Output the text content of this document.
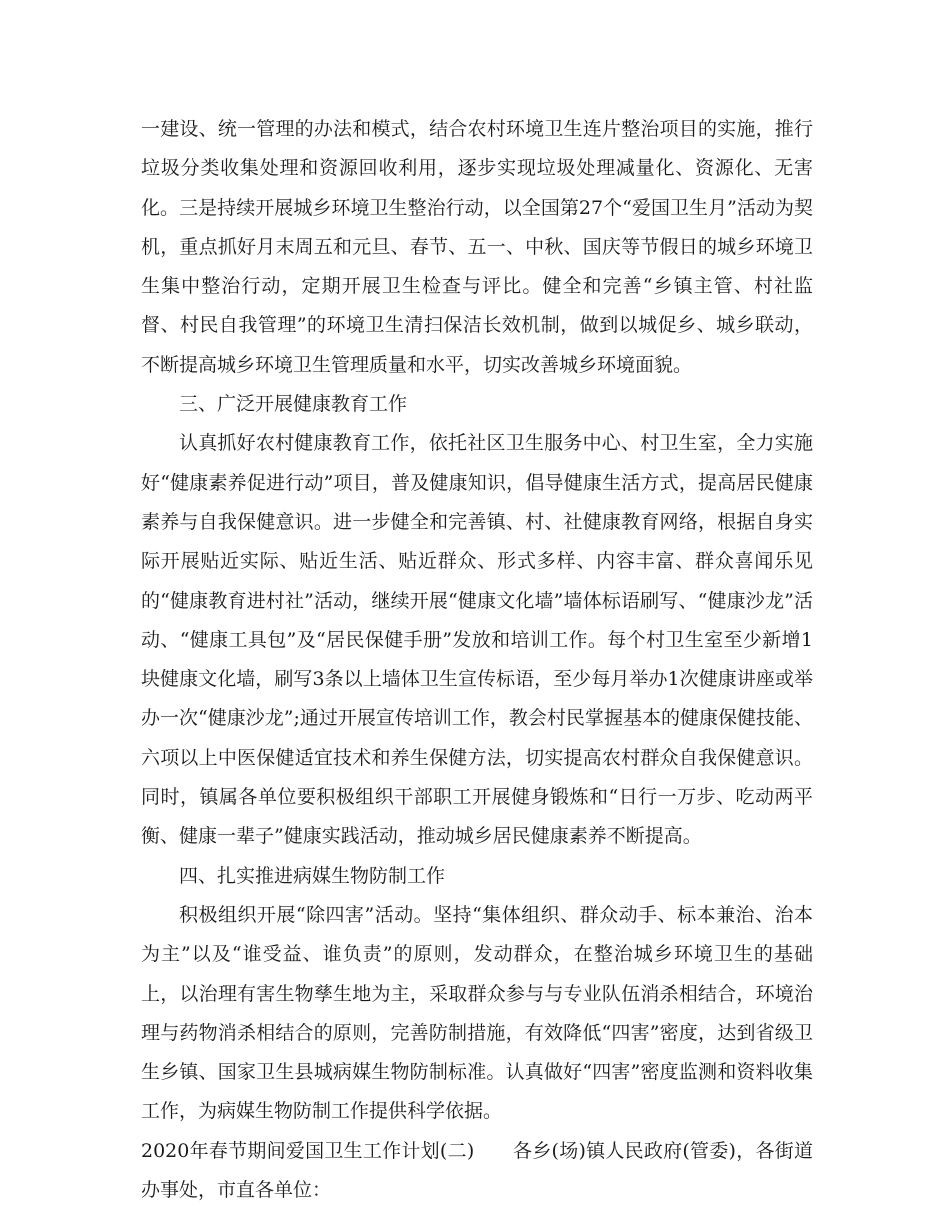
一建设、统一管理的办法和模式，结合农村环境卫生连片整治项目的实施，推行垃圾分类收集处理和资源回收利用，逐步实现垃圾处理减量化、资源化、无害化。三是持续开展城乡环境卫生整治行动，以全国第27个“爱国卫生月”活动为契机，重点抓好月末周五和元旦、春节、五一、中秋、国庆等节假日的城乡环境卫生集中整治行动，定期开展卫生检查与评比。健全和完善“乡镇主管、村社监督、村民自我管理”的环境卫生清扫保洁长效机制，做到以城促乡、城乡联动，不断提高城乡环境卫生管理质量和水平，切实改善城乡环境面貌。

三、广泛开展健康教育工作

认真抓好农村健康教育工作，依托社区卫生服务中心、村卫生室，全力实施好“健康素养促进行动”项目，普及健康知识，倡导健康生活方式，提高居民健康素养与自我保健意识。进一步健全和完善镇、村、社健康教育网络，根据自身实际开展贴近实际、贴近生活、贴近群众、形式多样、内容丰富、群众喜闻乐见的“健康教育进村社”活动，继续开展“健康文化墙”墙体标语刷写、“健康沙龙”活动、“健康工具包”及“居民保健手册”发放和培训工作。每个村卫生室至少新增1块健康文化墙，刷写3条以上墙体卫生宣传标语，至少每月举办1次健康讲座或举办一次“健康沙龙”;通过开展宣传培训工作，教会村民掌握基本的健康保健技能、六项以上中医保健适宜技术和养生保健方法，切实提高农村群众自我保健意识。同时，镇属各单位要积极组织干部职工开展健身锻炼和“日行一万步、吃动两平衡、健康一辈子”健康实践活动，推动城乡居民健康素养不断提高。

四、扎实推进病媒生物防制工作

积极组织开展“除四害”活动。坚持“集体组织、群众动手、标本兼治、治本为主”以及“谁受益、谁负责”的原则，发动群众，在整治城乡环境卫生的基础上，以治理有害生物孳生地为主，采取群众参与与专业队伍消杀相结合，环境治理与药物消杀相结合的原则，完善防制措施，有效降低“四害”密度，达到省级卫生乡镇、国家卫生县城病媒生物防制标准。认真做好“四害”密度监测和资料收集工作，为病媒生物防制工作提供科学依据。

2020年春节期间爱国卫生工作计划(二)　　各乡(场)镇人民政府(管委)，各街道办事处，市直各单位：
